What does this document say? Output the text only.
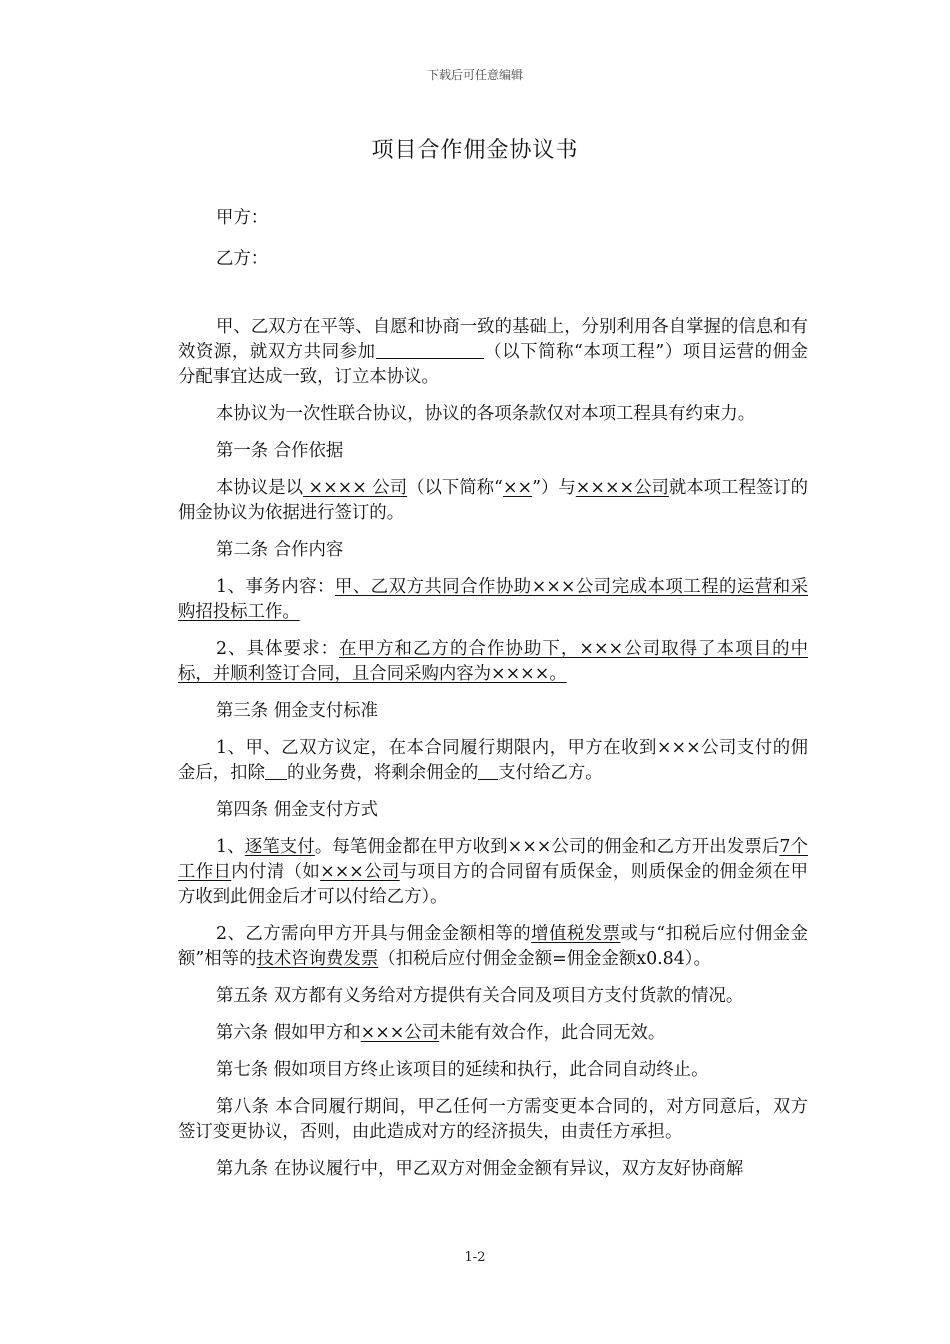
下载后可任意编辑
项目合作佣金协议书
甲方：
乙方：

甲、乙双方在平等、自愿和协商一致的基础上，分别利用各自掌握的信息和有效资源，就双方共同参加	（以下简称“本项工程”）项目运营的佣金分配事宜达成一致，订立本协议。

本协议为一次性联合协议，协议的各项条款仅对本项工程具有约束力。

第一条 合作依据

本协议是以 ×××× 公司（以下简称“××”）与××××公司就本项工程签订的佣金协议为依据进行签订的。

第二条 合作内容

1、事务内容：甲、乙双方共同合作协助×××公司完成本项工程的运营和采购招投标工作。

2、具体要求：在甲方和乙方的合作协助下，×××公司取得了本项目的中标，并顺利签订合同，且合同采购内容为××××。

第三条 佣金支付标准

1、甲、乙双方议定，在本合同履行期限内，甲方在收到×××公司支付的佣金后，扣除 的业务费，将剩余佣金的 支付给乙方。

第四条 佣金支付方式

1、逐笔支付。每笔佣金都在甲方收到×××公司的佣金和乙方开出发票后7个工作日内付清（如×××公司与项目方的合同留有质保金，则质保金的佣金须在甲方收到此佣金后才可以付给乙方）。

2、乙方需向甲方开具与佣金金额相等的增值税发票或与“扣税后应付佣金金额”相等的技术咨询费发票（扣税后应付佣金金额=佣金金额x0.84）。

第五条 双方都有义务给对方提供有关合同及项目方支付货款的情况。

第六条 假如甲方和×××公司未能有效合作，此合同无效。

第七条 假如项目方终止该项目的延续和执行，此合同自动终止。

第八条 本合同履行期间，甲乙任何一方需变更本合同的，对方同意后，双方签订变更协议，否则，由此造成对方的经济损失，由责任方承担。

第九条 在协议履行中，甲乙双方对佣金金额有异议，双方友好协商解

1-2
